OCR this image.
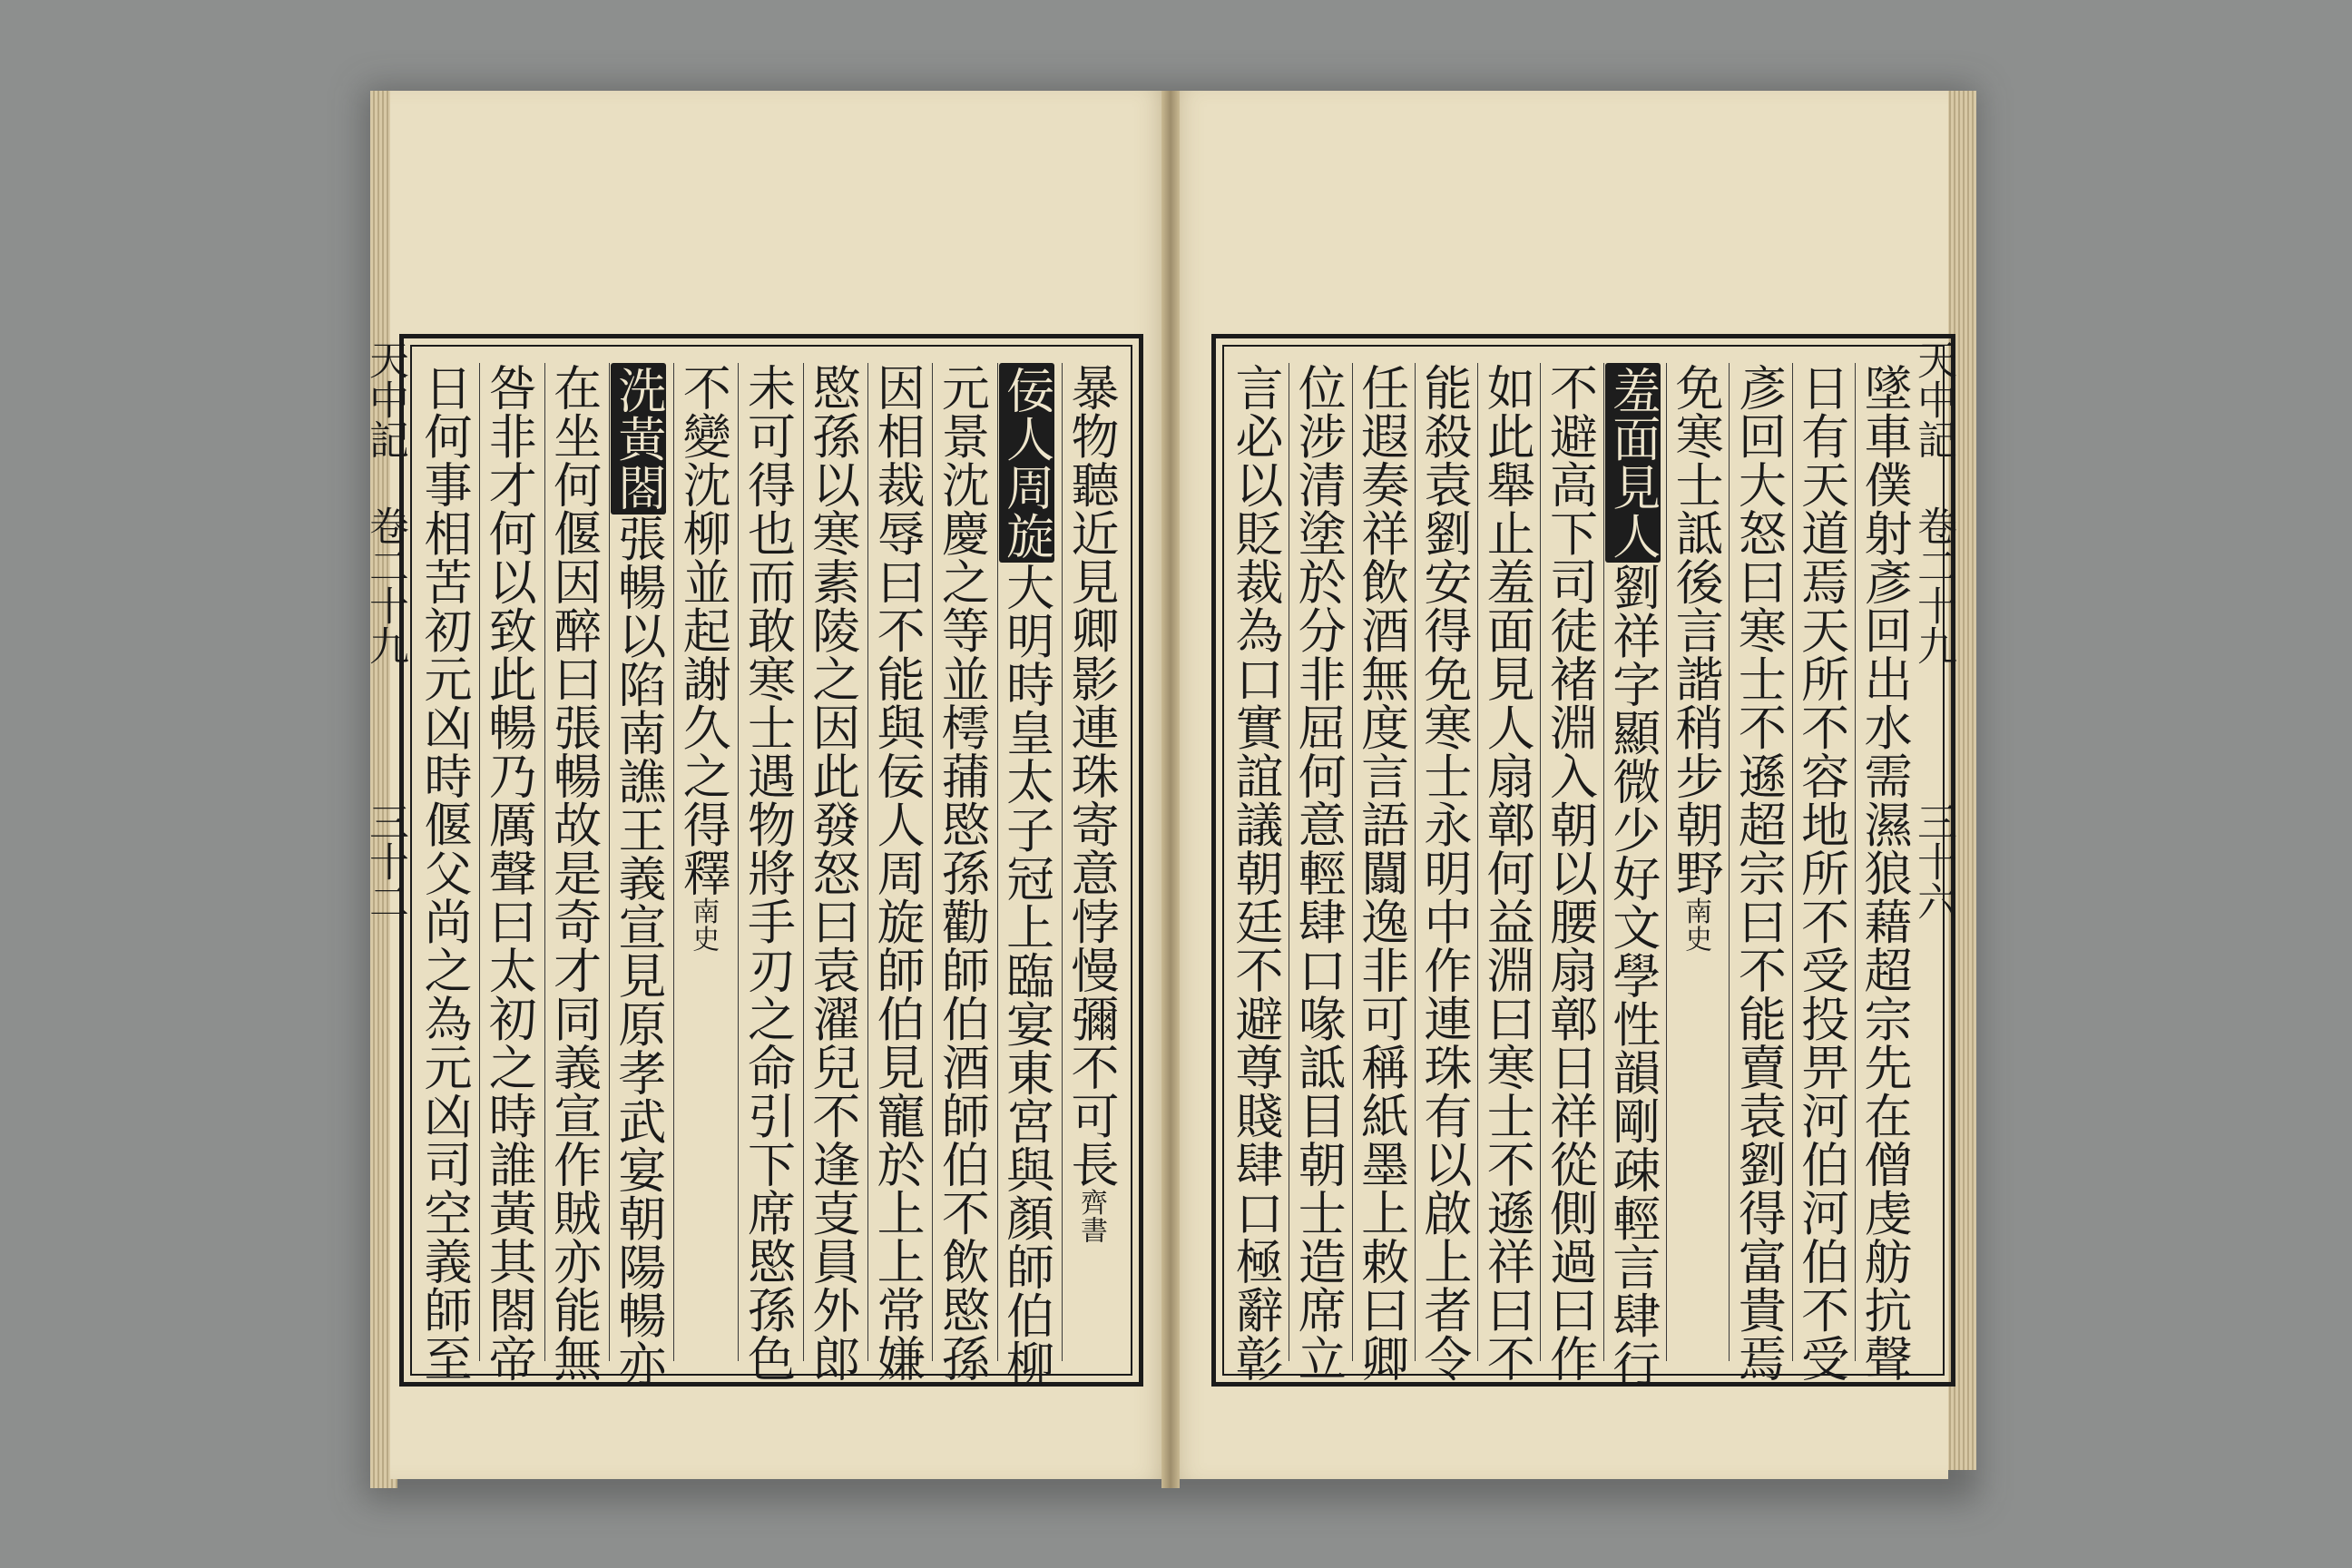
天中記 卷二十九
三十二
天中記 卷二十九
三十六
暴物聽近見卿影連珠寄意悖慢彌不可長齊書
佞人周旋大明時皇太子冠上臨宴東宮與顏師伯柳
元景沈慶之等並樗蒱愍孫勸師伯酒師伯不飲愍孫
因相裁辱曰不能與佞人周旋師伯見寵於上上常嫌
愍孫以寒素陵之因此發怒曰袁濯兒不逢㕝員外郎
未可得也而敢寒士遇物將手刃之命引下席愍孫色
不變沈柳並起謝久之得釋南史
洗黃閤張暢以陷南譙王義宣見原孝武宴朝陽暢亦
在坐何偃因醉曰張暢故是奇才同義宣作賊亦能無
咎非才何以致此暢乃厲聲曰太初之時誰黃其閤帝
日何事相苦初元凶時偃父尚之為元凶司空義師至	墜車僕射彥回出水需濕狼藉超宗先在僧虔舫抗聲
日有天道焉天所不容地所不受投畀河伯河伯不受
彥回大怒曰寒士不遜超宗曰不能賣袁劉得富貴焉
免寒士詆後言諧稍步朝野南史
羞面見人劉祥字顯微少好文學性韻剛疎輕言肆行
不避高下司徒褚淵入朝以腰扇鄣日祥從側過曰作
如此舉止羞面見人扇鄣何益淵曰寒士不遜祥曰不
能殺袁劉安得免寒士永明中作連珠有以啟上者令
任遐奏祥飲酒無度言語闒逸非可稱紙墨上敕曰卿
位涉清塗於分非屈何意輕肆口喙詆目朝士造席立
言必以貶裁為口實誼議朝廷不避尊賤肆口極辭彰
